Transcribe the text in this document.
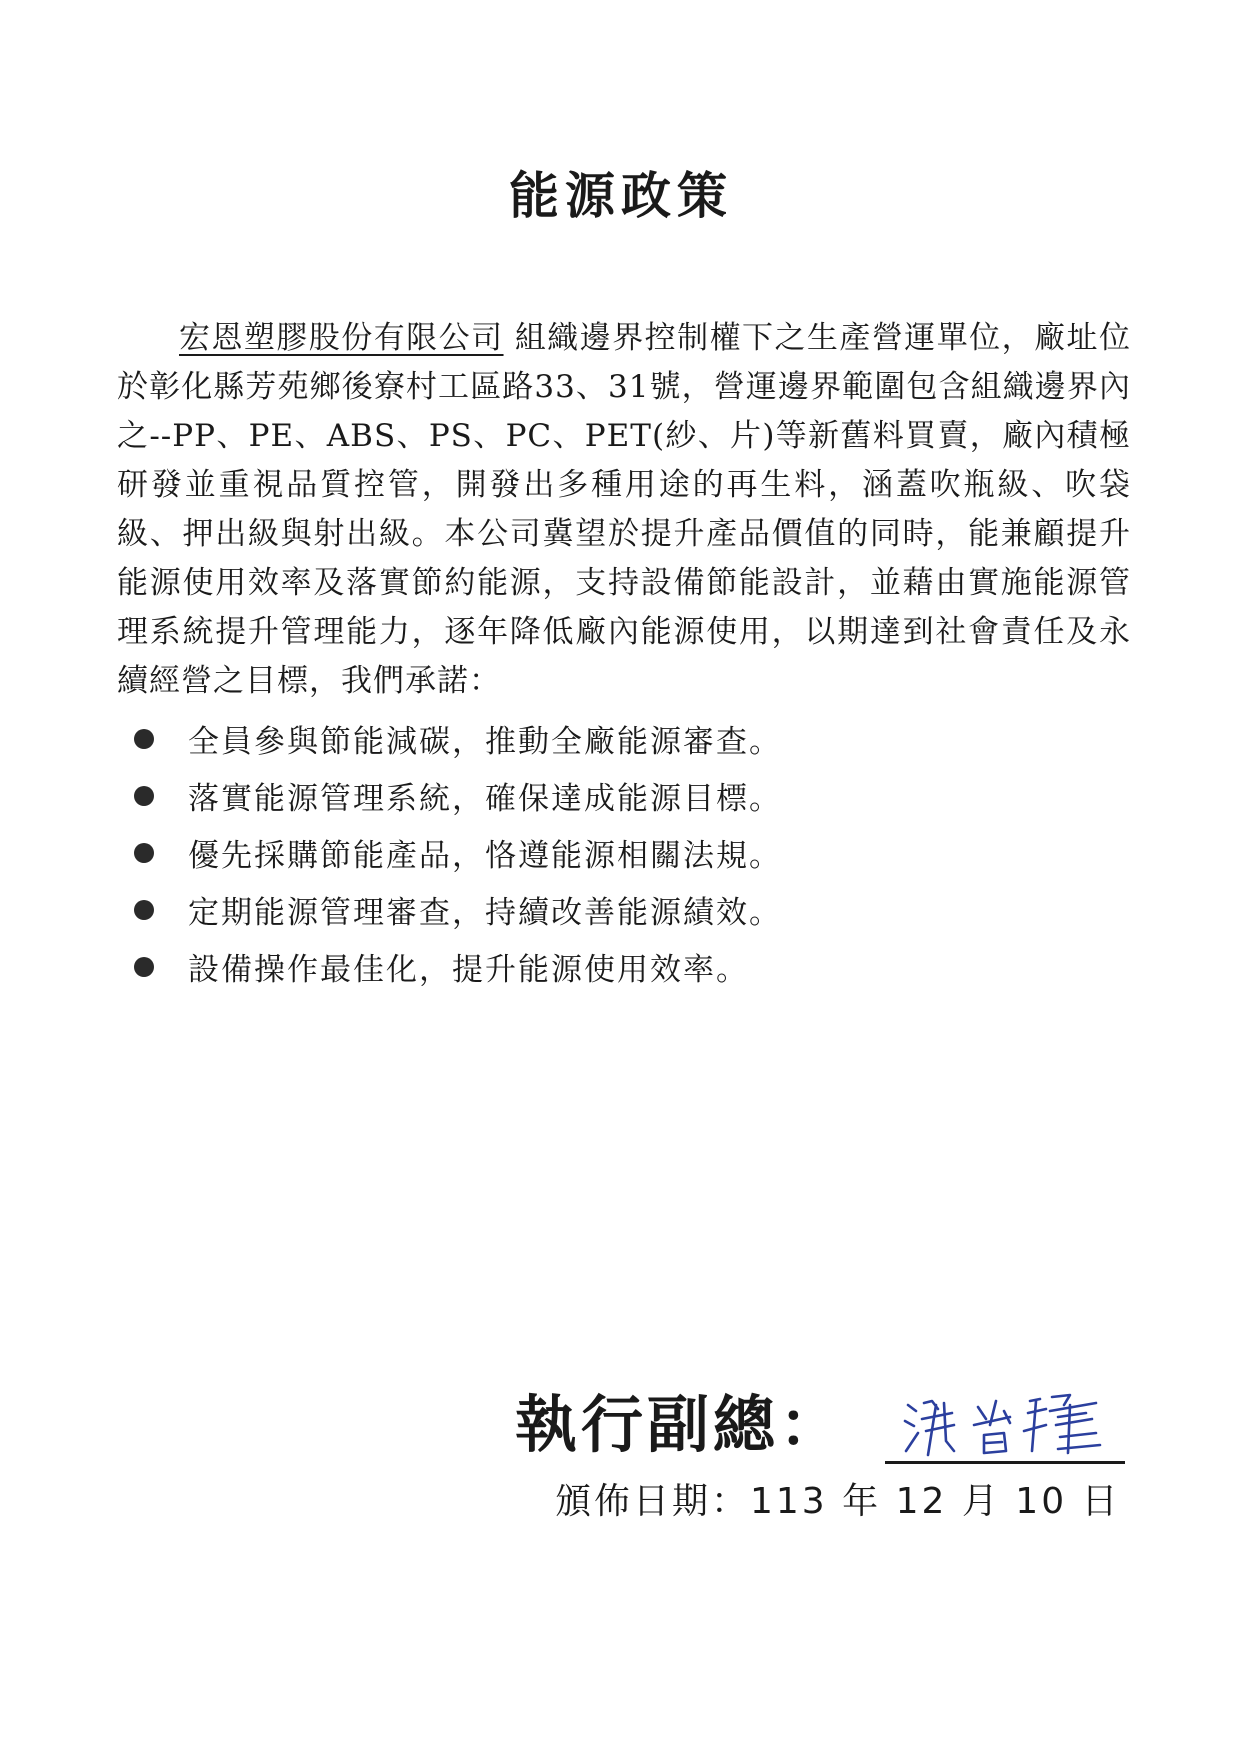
能源政策

宏恩塑膠股份有限公司 組織邊界控制權下之生產營運單位，廠址位於彰化縣芳苑鄉後寮村工區路33、31號，營運邊界範圍包含組織邊界內之--PP、PE、ABS、PS、PC、PET(紗、片)等新舊料買賣，廠內積極研發並重視品質控管，開發出多種用途的再生料，涵蓋吹瓶級、吹袋級、押出級與射出級。本公司冀望於提升產品價值的同時，能兼顧提升能源使用效率及落實節約能源，支持設備節能設計，並藉由實施能源管理系統提升管理能力，逐年降低廠內能源使用，以期達到社會責任及永續經營之目標，我們承諾：

全員參與節能減碳，推動全廠能源審查。
落實能源管理系統，確保達成能源目標。
優先採購節能產品，恪遵能源相關法規。
定期能源管理審查，持續改善能源績效。
設備操作最佳化，提升能源使用效率。
執行副總：
頒佈日期：113 年 12 月 10 日
